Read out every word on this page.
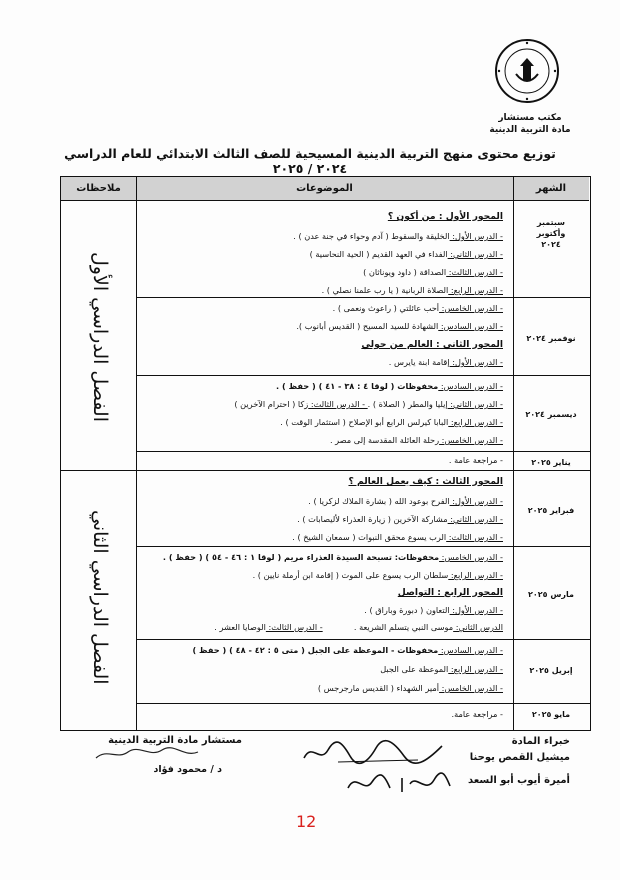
مكتب مستشار
مادة التربية الدينية
توزيع محتوى منهج التربية الدينية المسيحية للصف الثالث الابتدائي للعام الدراسي ٢٠٢٤ / ٢٠٢٥
ملاحظات	الموضوعات	الشهر
الفصل الدراسي الأول
الفصل الدراسي الثاني
سبتمبر
وأكتوبر
٢٠٢٤
نوفمبر ٢٠٢٤
ديسمبر ٢٠٢٤
يناير ٢٠٢٥
فبراير ٢٠٢٥
مارس ٢٠٢٥
إبريل ٢٠٢٥
مايو ٢٠٢٥
المحور الأول : من أكون ؟
- الدرس الأول: الخليقة والسقوط ( آدم وحواء في جنة عدن ) .
- الدرس الثاني: الفداء في العهد القديم ( الحية النحاسية )
- الدرس الثالث: الصداقة ( داود ويوناثان )
- الدرس الرابع: الصلاة الربانية ( يا رب علمنا نصلي ) .
- الدرس الخامس: أحب عائلتي ( راعوث ونعمى ) .
- الدرس السادس: الشهادة للسيد المسيح ( القديس أبانوب ).
المحور الثاني : العالم من حولي
- الدرس الأول: إقامة ابنة يايرس .
- الدرس السادس: محفوظات ( لوقا ٤ : ٣٨ - ٤١ ) ( حفظ ) .
- الدرس الثاني: إيليا والمطر ( الصلاة ) . - الدرس الثالث: زكا ( احترام الآخرين )
- الدرس الرابع: البابا كيرلس الرابع أبو الإصلاح ( استثمار الوقت ) .
- الدرس الخامس: رحلة العائلة المقدسة إلى مصر .
- مراجعة عامة .
المحور الثالث : كيف يعمل العالم ؟
- الدرس الأول: الفرح بوعود الله ( بشارة الملاك لزكريا ) .
- الدرس الثاني: مشاركة الآخرين ( زيارة العذراء لأليصابات ) .
- الدرس الثالث: الرب يسوع محقق النبوات ( سمعان الشيخ ) .
- الدرس الخامس: محفوظات: تسبحة السيدة العذراء مريم ( لوقا ١ : ٤٦ - ٥٤ ) ( حفظ ) .
- الدرس الرابع: سلطان الرب يسوع على الموت ( إقامة ابن أرملة نايين ) .
المحور الرابع : التواصل
- الدرس الأول: التعاون ( دبورة وباراق ) .
الدرس الثاني: موسى النبي يتسلم الشريعة .  - الدرس الثالث: الوصايا العشر .
- الدرس السادس: محفوظات - الموعظة على الجبل ( متى ٥ : ٤٢ - ٤٨ ) ( حفظ )
- الدرس الرابع: الموعظة على الجبل
- الدرس الخامس: أمير الشهداء ( القديس مارجرجس )
- مراجعة عامة.
مستشار مادة التربية الدينية
د / محمود فؤاد
خبراء المادة
ميشيل القمص يوحنا
أميرة أيوب أبو السعد
12
